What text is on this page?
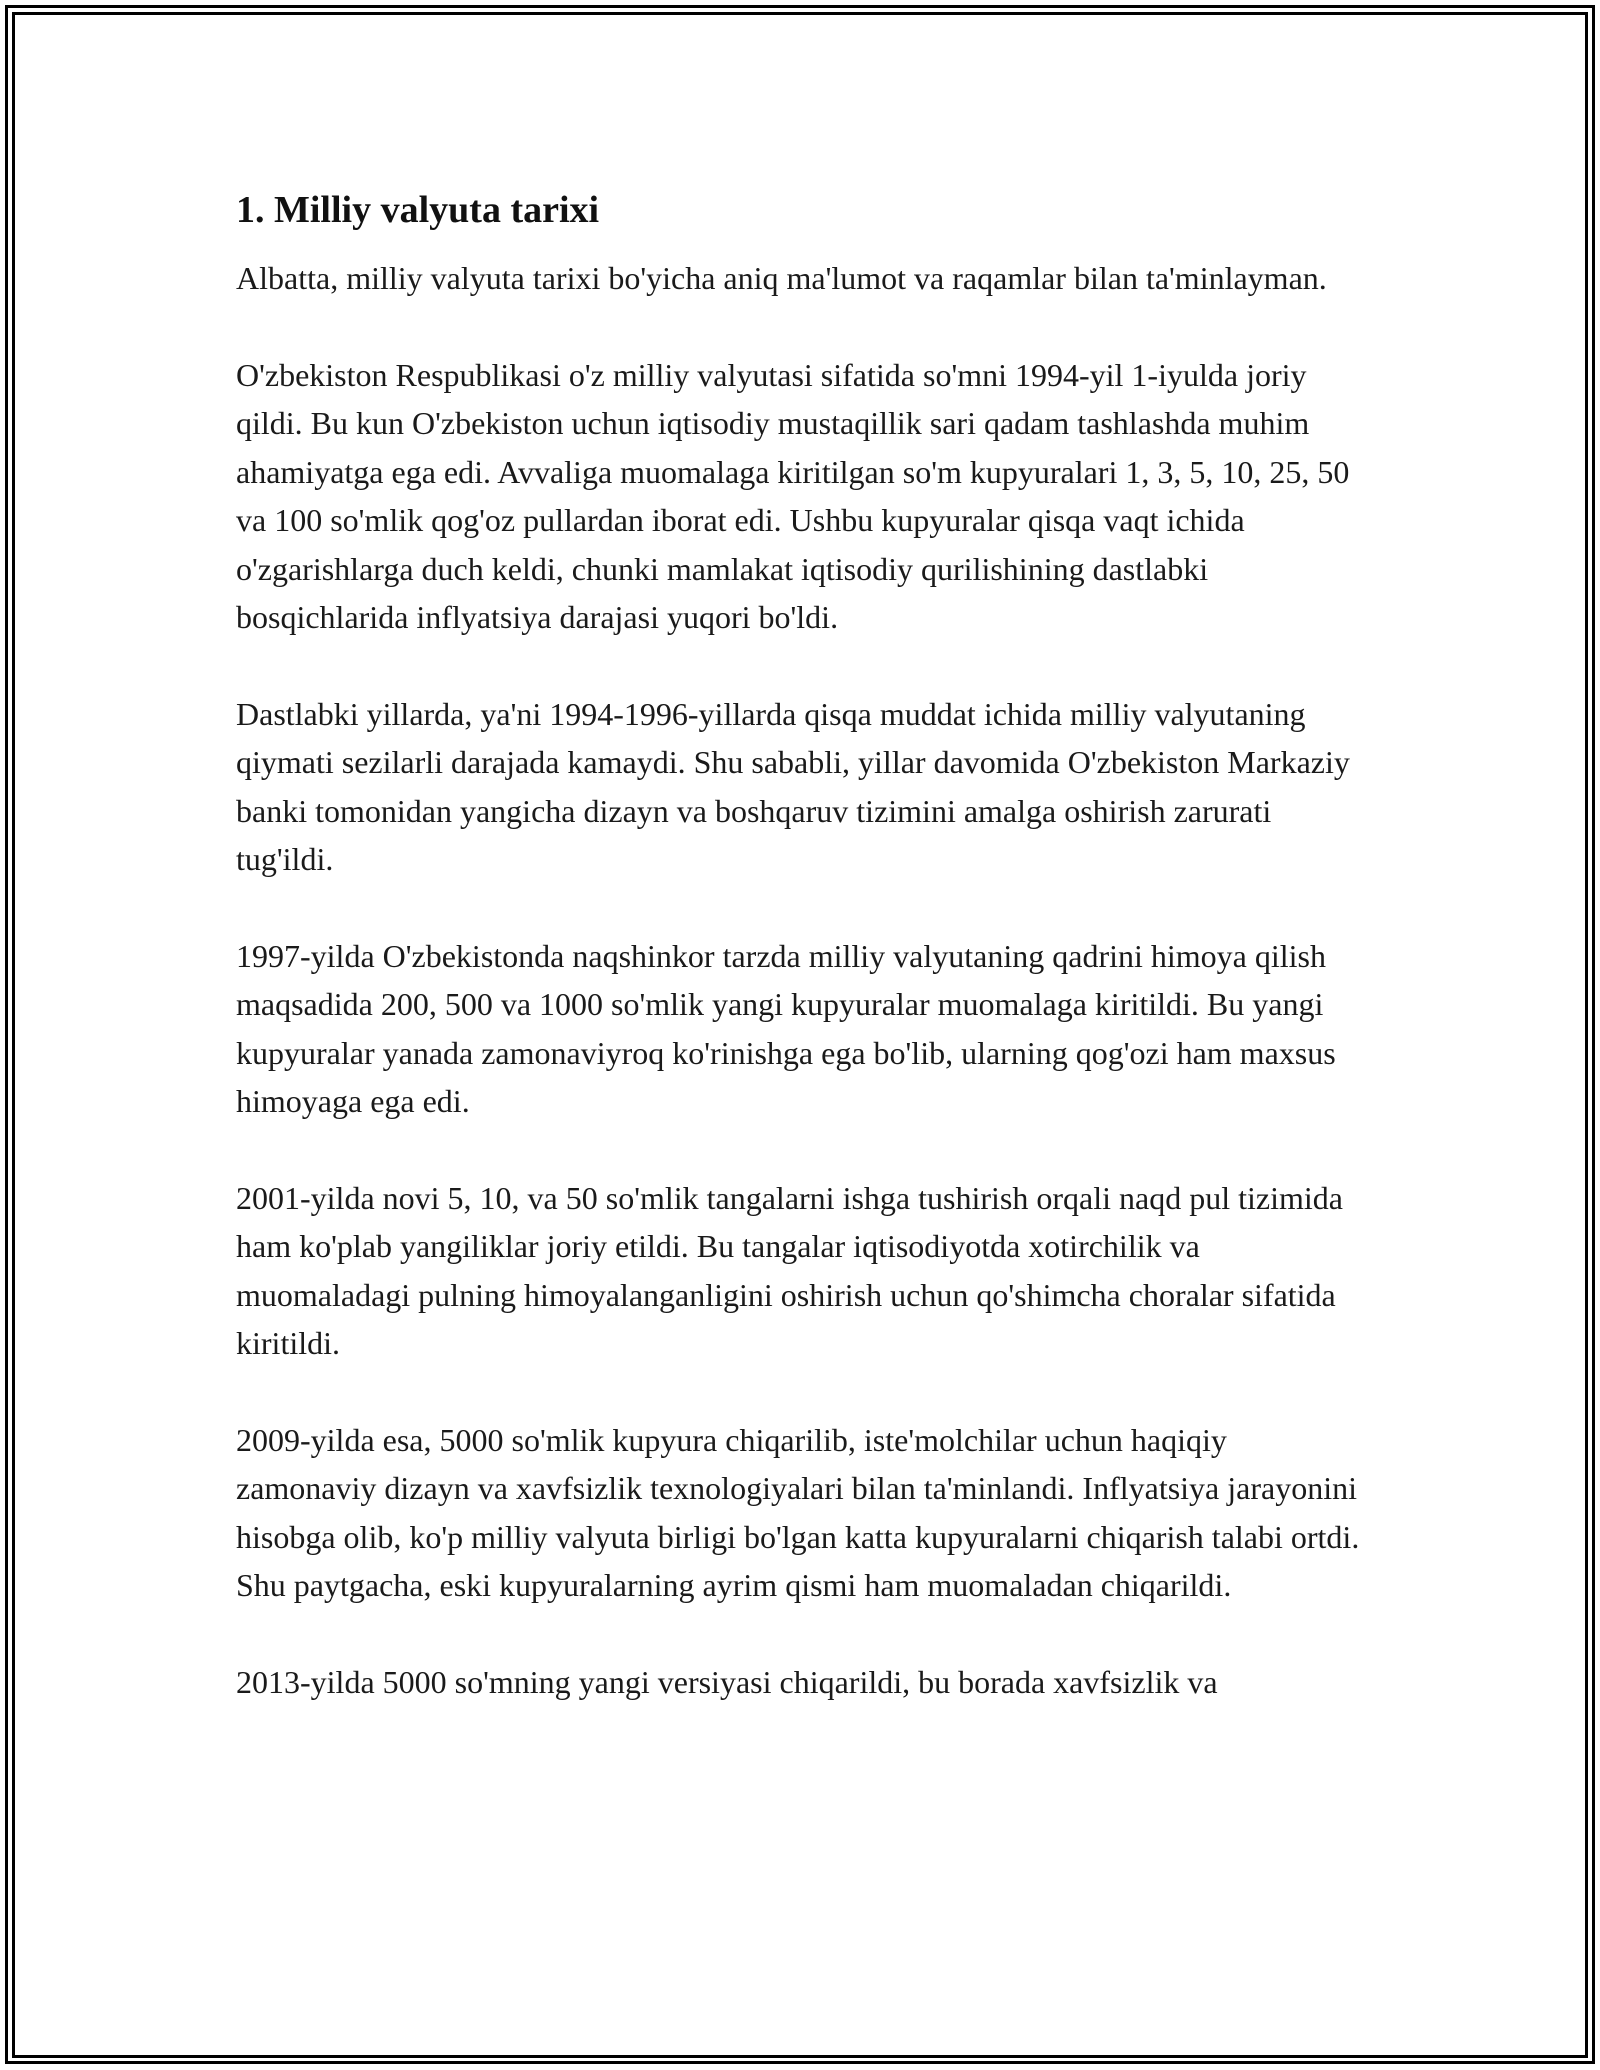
1. Milliy valyuta tarixi

Albatta, milliy valyuta tarixi bo'yicha aniq ma'lumot va raqamlar bilan ta'minlayman.

O'zbekiston Respublikasi o'z milliy valyutasi sifatida so'mni 1994-yil 1-iyulda joriy qildi. Bu kun O'zbekiston uchun iqtisodiy mustaqillik sari qadam tashlashda muhim ahamiyatga ega edi. Avvaliga muomalaga kiritilgan so'm kupyuralari 1, 3, 5, 10, 25, 50 va 100 so'mlik qog'oz pullardan iborat edi. Ushbu kupyuralar qisqa vaqt ichida o'zgarishlarga duch keldi, chunki mamlakat iqtisodiy qurilishining dastlabki bosqichlarida inflyatsiya darajasi yuqori bo'ldi.

Dastlabki yillarda, ya'ni 1994-1996-yillarda qisqa muddat ichida milliy valyutaning qiymati sezilarli darajada kamaydi. Shu sababli, yillar davomida O'zbekiston Markaziy banki tomonidan yangicha dizayn va boshqaruv tizimini amalga oshirish zarurati tug'ildi.

1997-yilda O'zbekistonda naqshinkor tarzda milliy valyutaning qadrini himoya qilish maqsadida 200, 500 va 1000 so'mlik yangi kupyuralar muomalaga kiritildi. Bu yangi kupyuralar yanada zamonaviyroq ko'rinishga ega bo'lib, ularning qog'ozi ham maxsus himoyaga ega edi.

2001-yilda novi 5, 10, va 50 so'mlik tangalarni ishga tushirish orqali naqd pul tizimida ham ko'plab yangiliklar joriy etildi. Bu tangalar iqtisodiyotda xotirchilik va muomaladagi pulning himoyalanganligini oshirish uchun qo'shimcha choralar sifatida kiritildi.

2009-yilda esa, 5000 so'mlik kupyura chiqarilib, iste'molchilar uchun haqiqiy zamonaviy dizayn va xavfsizlik texnologiyalari bilan ta'minlandi. Inflyatsiya jarayonini hisobga olib, ko'p milliy valyuta birligi bo'lgan katta kupyuralarni chiqarish talabi ortdi. Shu paytgacha, eski kupyuralarning ayrim qismi ham muomaladan chiqarildi.

2013-yilda 5000 so'mning yangi versiyasi chiqarildi, bu borada xavfsizlik va
